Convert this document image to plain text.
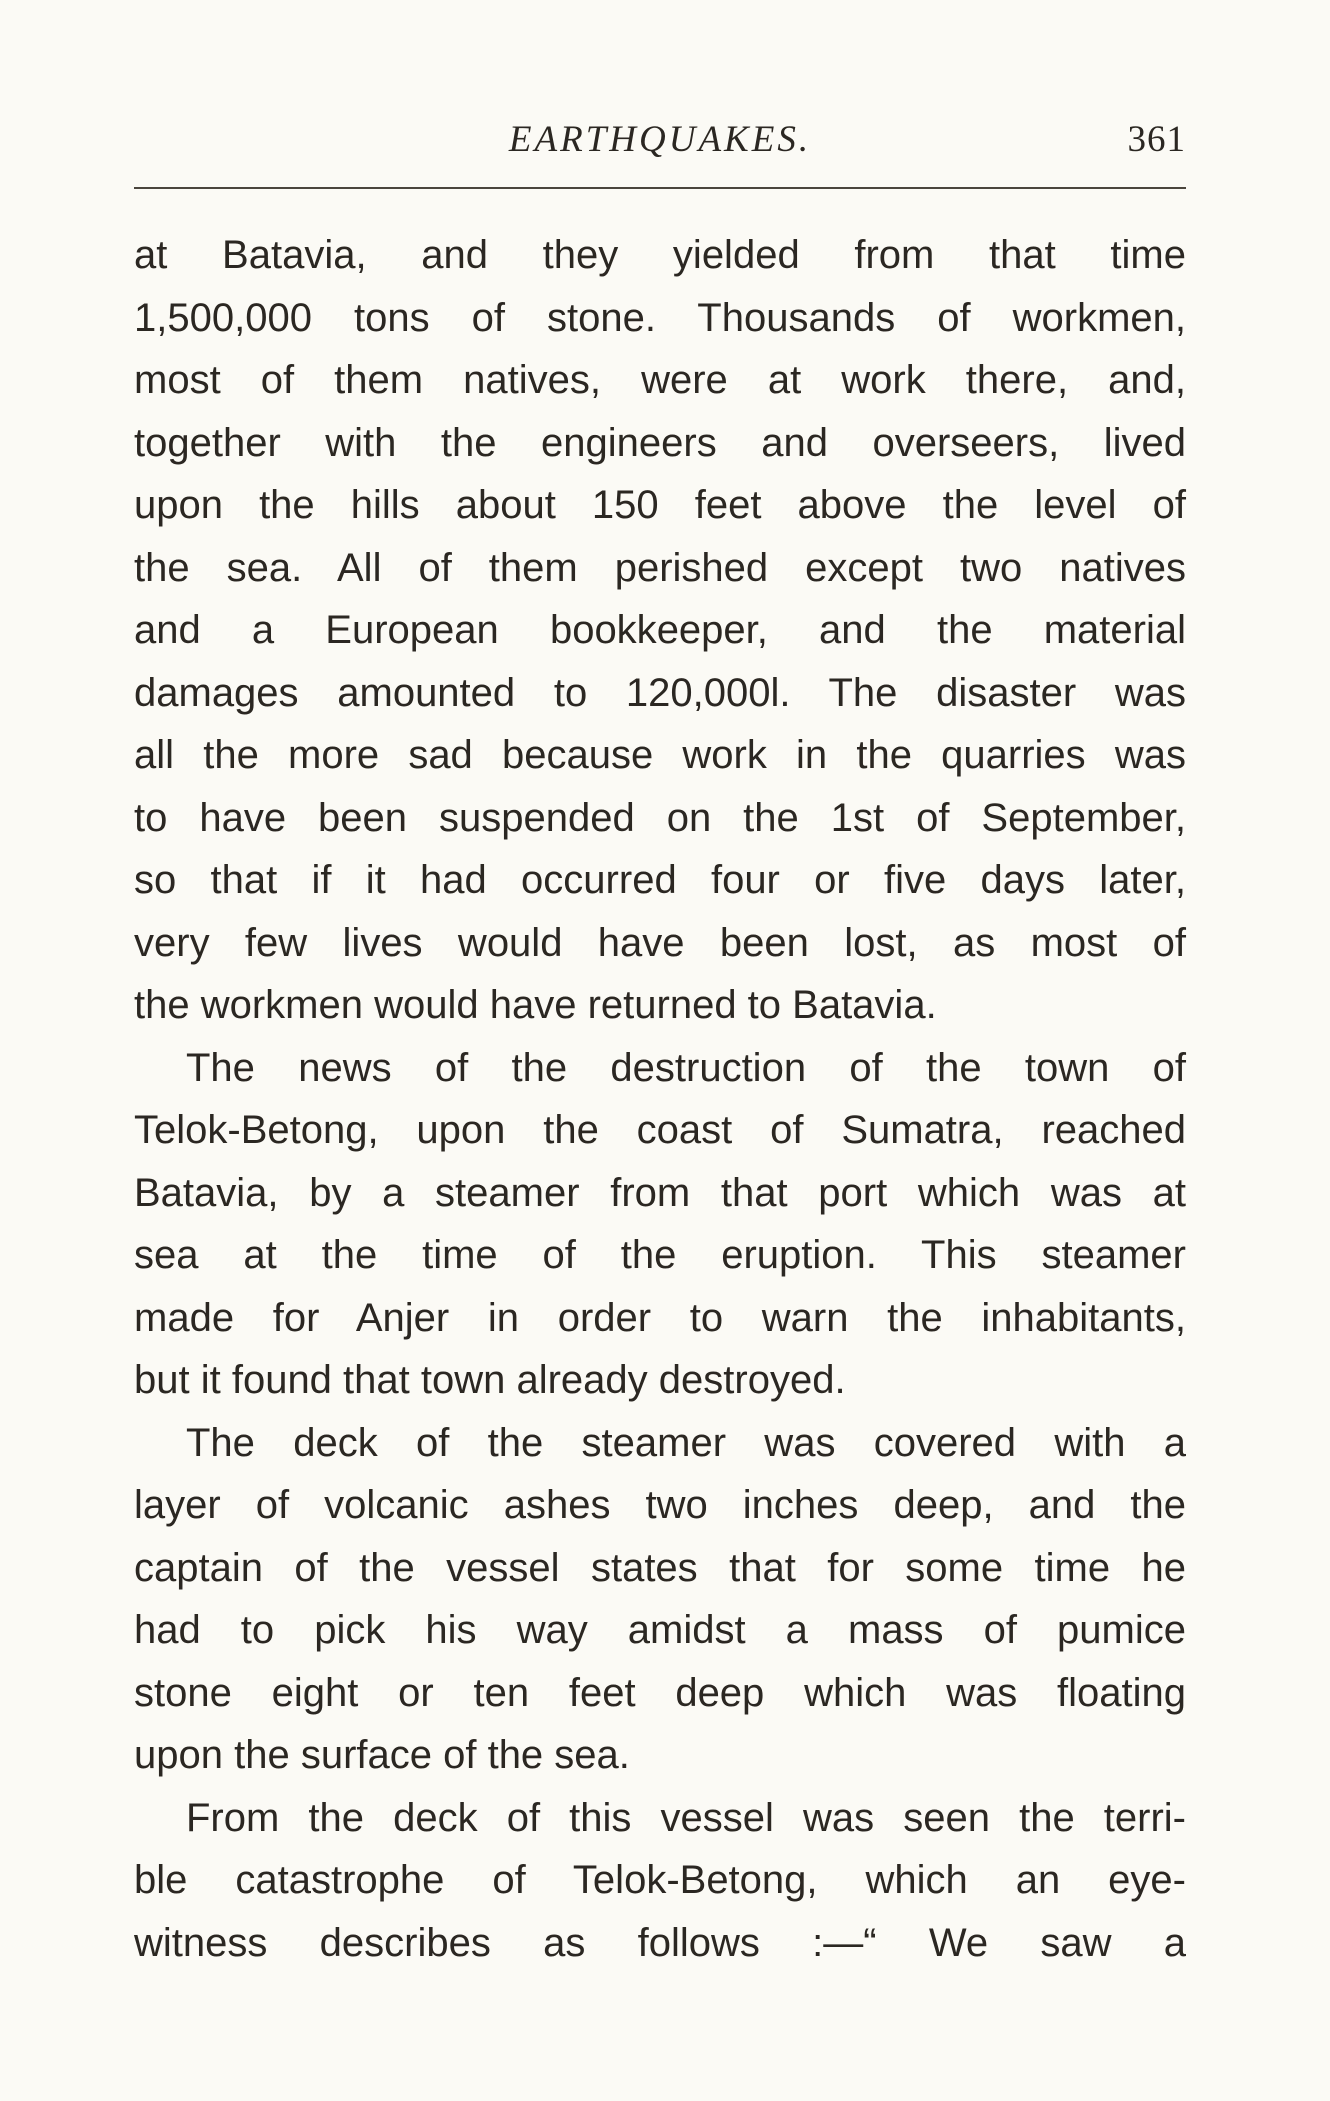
EARTHQUAKES.	361
at Batavia, and they yielded from that time
1,500,000 tons of stone. Thousands of workmen,
most of them natives, were at work there, and,
together with the engineers and overseers, lived
upon the hills about 150 feet above the level of
the sea. All of them perished except two natives
and a European bookkeeper, and the material
damages amounted to 120,000l. The disaster was
all the more sad because work in the quarries was
to have been suspended on the 1st of September,
so that if it had occurred four or five days later,
very few lives would have been lost, as most of
the workmen would have returned to Batavia.
The news of the destruction of the town of
Telok-Betong, upon the coast of Sumatra, reached
Batavia, by a steamer from that port which was at
sea at the time of the eruption. This steamer
made for Anjer in order to warn the inhabitants,
but it found that town already destroyed.
The deck of the steamer was covered with a
layer of volcanic ashes two inches deep, and the
captain of the vessel states that for some time he
had to pick his way amidst a mass of pumice
stone eight or ten feet deep which was floating
upon the surface of the sea.
From the deck of this vessel was seen the terri-
ble catastrophe of Telok-Betong, which an eye-
witness describes as follows :—“ We saw a
